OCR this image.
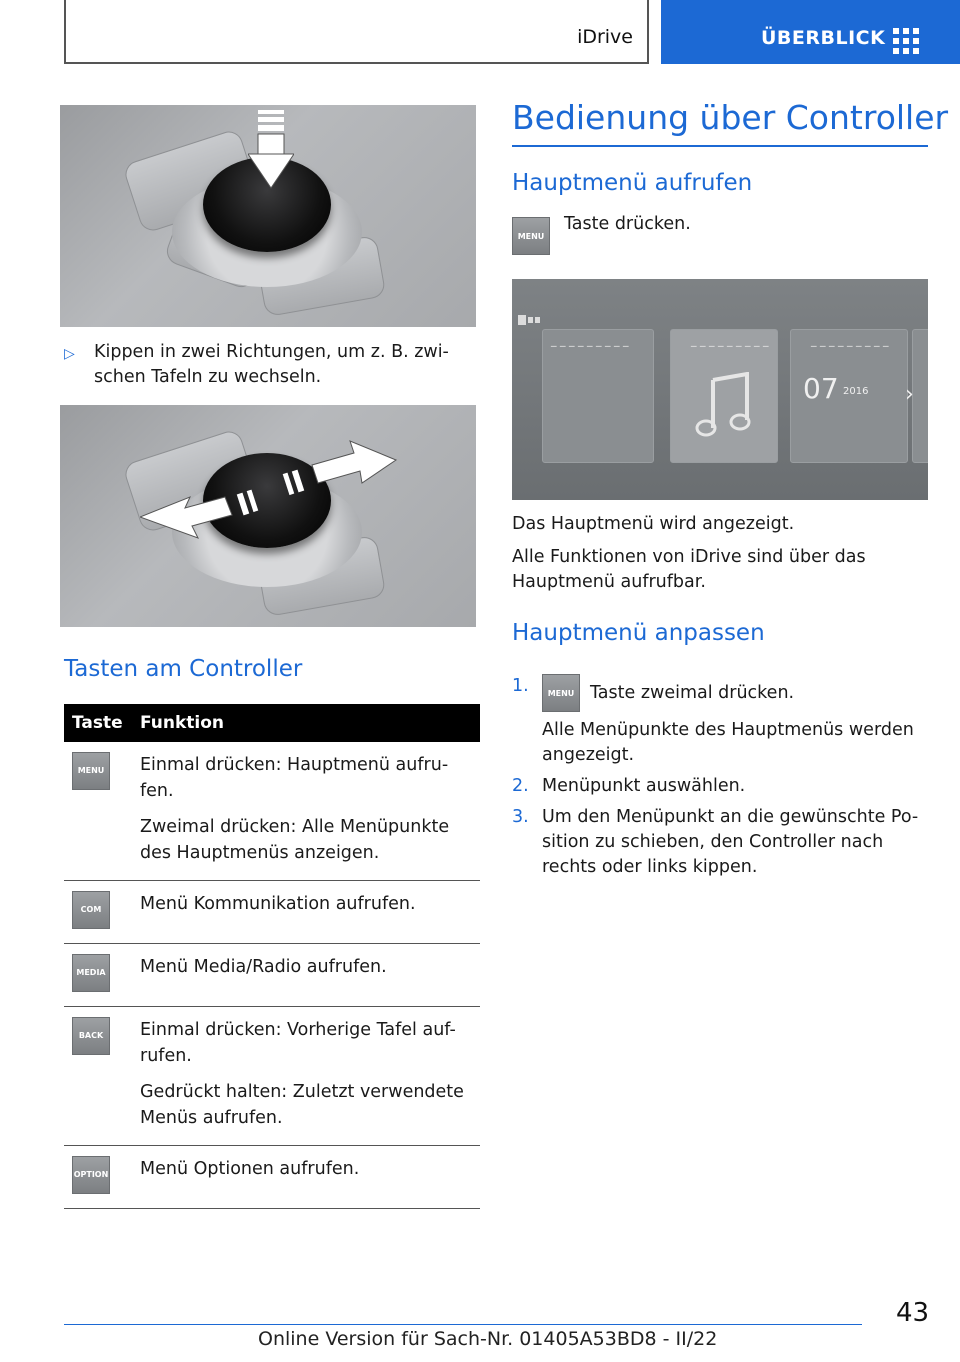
iDrive	ÜBERBLICK
▷ Kippen in zwei Richtungen, um z. B. zwi- schen Tafeln zu wechseln.
Tasten am Controller
Taste	Funktion

MENU	Einmal drücken: Hauptmenü aufru- fen.

Zweimal drücken: Alle Menüpunkte des Hauptmenüs anzeigen.

COM	Menü Kommunikation aufrufen.

MEDIA	Menü Media/Radio aufrufen.

BACK	Einmal drücken: Vorherige Tafel auf- rufen.

Gedrückt halten: Zuletzt verwendete Menüs aufrufen.

OPTION	Menü Optionen aufrufen.

Bedienung über Controller
Hauptmenü aufrufen
MENU
Taste drücken.
_ _ _ _ _ _ _ _ _	_ _ _ _ _ _ _ _ _	_ _ _ _ _ _ _ _ _
07 2016 ›
Das Hauptmenü wird angezeigt.
Alle Funktionen von iDrive sind über das Hauptmenü aufrufbar.
Hauptmenü anpassen
1. MENU Taste zweimal drücken.
Alle Menüpunkte des Hauptmenüs werden angezeigt.
2. Menüpunkt auswählen.
3. Um den Menüpunkt an die gewünschte Po- sition zu schieben, den Controller nach rechts oder links kippen.
43
Online Version für Sach-Nr. 01405A53BD8 - II/22
